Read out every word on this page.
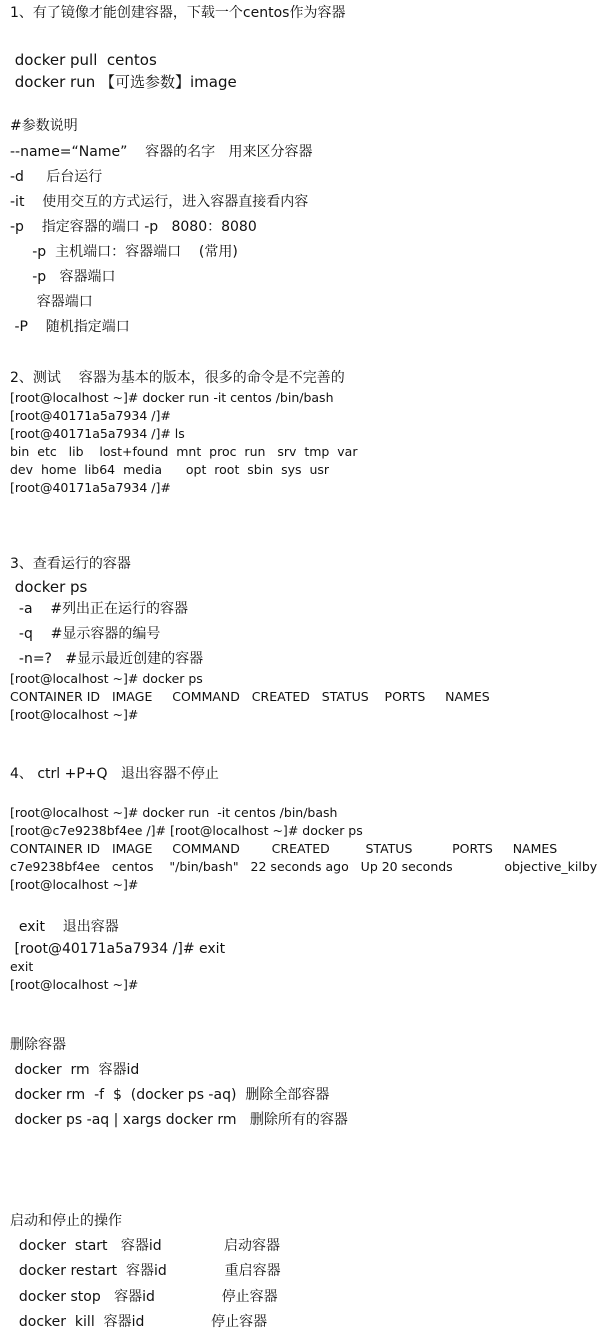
1、有了镜像才能创建容器，下载一个centos作为容器
docker pull  centos
docker run 【可选参数】image
#参数说明
--name=“Name”    容器的名字   用来区分容器
-d     后台运行
-it    使用交互的方式运行，进入容器直接看内容
-p    指定容器的端口 -p   8080：8080
-p  主机端口：容器端口    (常用)
-p   容器端口
容器端口
-P    随机指定端口
2、测试    容器为基本的版本，很多的命令是不完善的
[root@localhost ~]# docker run -it centos /bin/bash
[root@40171a5a7934 /]#
[root@40171a5a7934 /]# ls
bin  etc   lib    lost+found  mnt  proc  run   srv  tmp  var
dev  home  lib64  media      opt  root  sbin  sys  usr
[root@40171a5a7934 /]#
3、查看运行的容器
docker ps
-a    #列出正在运行的容器
-q    #显示容器的编号
-n=?   #显示最近创建的容器
[root@localhost ~]# docker ps
CONTAINER ID   IMAGE     COMMAND   CREATED   STATUS    PORTS     NAMES
[root@localhost ~]#
4、 ctrl +P+Q   退出容器不停止
[root@localhost ~]# docker run  -it centos /bin/bash
[root@c7e9238bf4ee /]# [root@localhost ~]# docker ps
CONTAINER ID   IMAGE     COMMAND        CREATED         STATUS          PORTS     NAMES
c7e9238bf4ee   centos    "/bin/bash"   22 seconds ago   Up 20 seconds             objective_kilby
[root@localhost ~]#
exit    退出容器
[root@40171a5a7934 /]# exit
exit
[root@localhost ~]#
删除容器
docker  rm  容器id
docker rm  -f  $  (docker ps -aq)  删除全部容器
docker ps -aq | xargs docker rm   删除所有的容器
启动和停止的操作
docker  start   容器id              启动容器
docker restart  容器id             重启容器
docker stop   容器id               停止容器
docker  kill  容器id               停止容器
